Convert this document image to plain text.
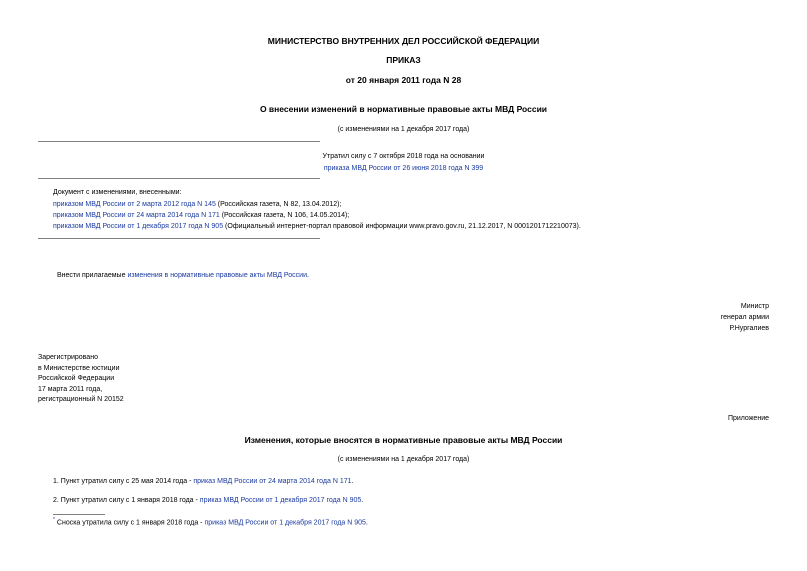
МИНИСТЕРСТВО ВНУТРЕННИХ ДЕЛ РОССИЙСКОЙ ФЕДЕРАЦИИ
ПРИКАЗ
от 20 января 2011 года N 28
О внесении изменений в нормативные правовые акты МВД России
(с изменениями на 1 декабря 2017 года)
Утратил силу с 7 октября 2018 года на основании
приказа МВД России от 26 июня 2018 года N 399
Документ с изменениями, внесенными:
приказом МВД России от 2 марта 2012 года N 145 (Российская газета, N 82, 13.04.2012);
приказом МВД России от 24 марта 2014 года N 171 (Российская газета, N 106, 14.05.2014);
приказом МВД России от 1 декабря 2017 года N 905 (Официальный интернет-портал правовой информации www.pravo.gov.ru, 21.12.2017, N 0001201712210073).
Внести прилагаемые изменения в нормативные правовые акты МВД России.
Министр
генерал армии
Р.Нургалиев
Зарегистрировано
в Министерстве юстиции
Российской Федерации
17 марта 2011 года,
регистрационный N 20152
Приложение
Изменения, которые вносятся в нормативные правовые акты МВД России
(с изменениями на 1 декабря 2017 года)
1. Пункт утратил силу с 25 мая 2014 года - приказ МВД России от 24 марта 2014 года N 171.
2. Пункт утратил силу с 1 января 2018 года - приказ МВД России от 1 декабря 2017 года N 905.
* Сноска утратила силу с 1 января 2018 года - приказ МВД России от 1 декабря 2017 года N 905.
